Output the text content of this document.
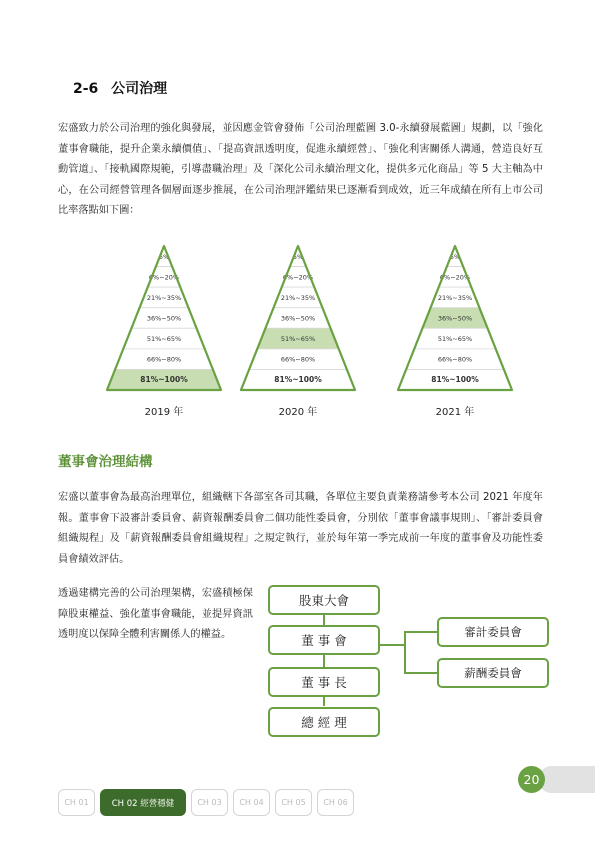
2-6 公司治理

宏盛致力於公司治理的強化與發展，並因應金管會發佈「公司治理藍圖 3.0-永續發展藍圖」規劃，以「強化董事會職能，提升企業永續價值」、「提高資訊透明度，促進永續經營」、「強化利害關係人溝通，營造良好互動管道」、「接軌國際規範，引導盡職治理」及「深化公司永續治理文化，提供多元化商品」等 5 大主軸為中心，在公司經營管理各個層面逐步推展，在公司治理評鑑結果已逐漸看到成效，近三年成績在所有上市公司比率落點如下圖：

5%
6%~20%
21%~35%
36%~50%
51%~65%
66%~80%
81%~100%
2019 年
5%
6%~20%
21%~35%
36%~50%
51%~65%
66%~80%
81%~100%
2020 年
5%
6%~20%
21%~35%
36%~50%
51%~65%
66%~80%
81%~100%
2021 年
董事會治理結構

宏盛以董事會為最高治理單位，組織轄下各部室各司其職，各單位主要負責業務請參考本公司 2021 年度年報。董事會下設審計委員會、薪資報酬委員會二個功能性委員會，分別依「董事會議事規則」、「審計委員會組織規程」及「薪資報酬委員會組織規程」之規定執行，並於每年第一季完成前一年度的董事會及功能性委員會績效評估。

透過建構完善的公司治理架構，宏盛積極保障股東權益、強化董事會職能，並提昇資訊透明度以保障全體利害關係人的權益。

股東大會
董 事 會
董 事 長
總 經 理
審計委員會
薪酬委員會
20
CH 01	CH 02 經營穩健	CH 03	CH 04	CH 05	CH 06
